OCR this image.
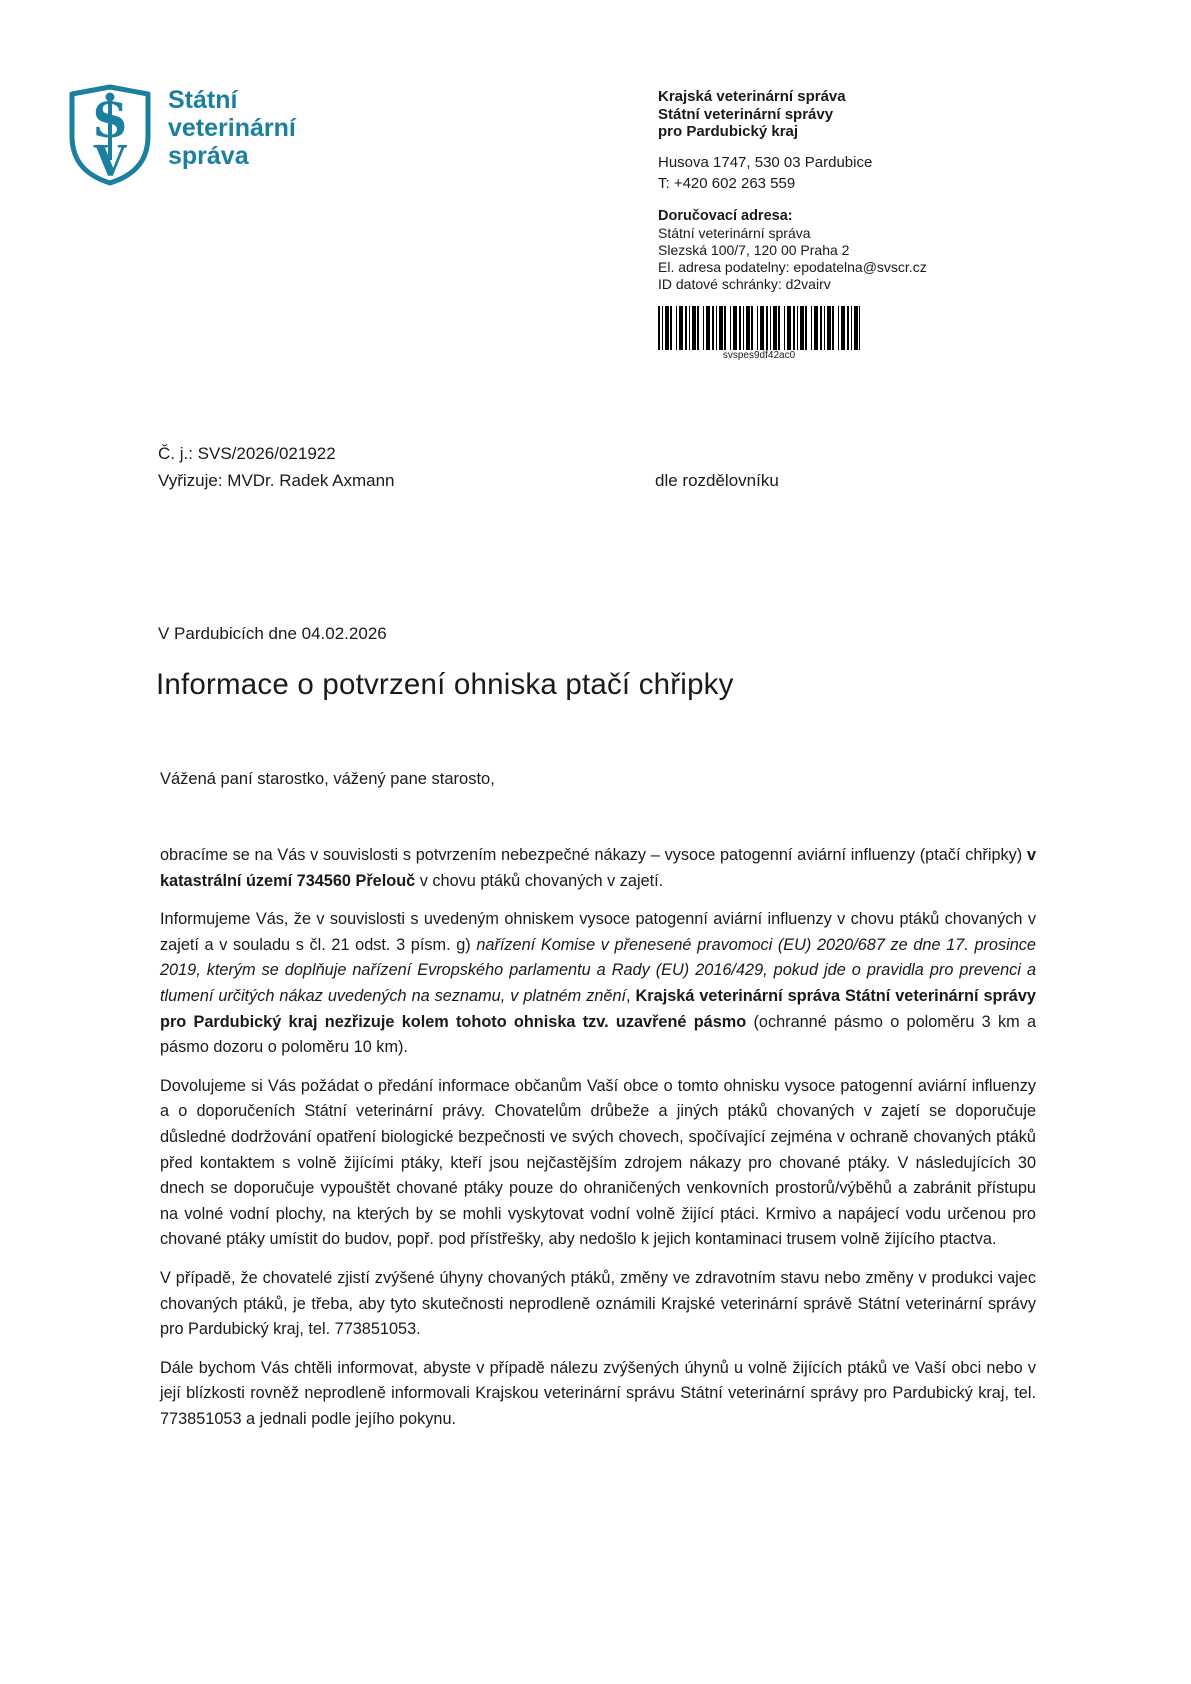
S
V
Státní
veterinární
správa
Krajská veterinární správa
Státní veterinární správy
pro Pardubický kraj
Husova 1747, 530 03 Pardubice
T: +420 602 263 559
Doručovací adresa:
Státní veterinární správa
Slezská 100/7, 120 00 Praha 2
El. adresa podatelny: epodatelna@svscr.cz
ID datové schránky: d2vairv
svspes9df42ac0
Č. j.: SVS/2026/021922
Vyřizuje: MVDr. Radek Axmann	dle rozdělovníku
V Pardubicích dne 04.02.2026
Informace o potvrzení ohniska ptačí chřipky
Vážená paní starostko, vážený pane starosto,

obracíme se na Vás v souvislosti s potvrzením nebezpečné nákazy – vysoce patogenní aviární influenzy (ptačí chřipky) v katastrální území 734560 Přelouč v chovu ptáků chovaných v zajetí.

Informujeme Vás, že v souvislosti s uvedeným ohniskem vysoce patogenní aviární influenzy v chovu ptáků chovaných v zajetí a v souladu s čl. 21 odst. 3 písm. g) nařízení Komise v přenesené pravomoci (EU) 2020/687 ze dne 17. prosince 2019, kterým se doplňuje nařízení Evropského parlamentu a Rady (EU) 2016/429, pokud jde o pravidla pro prevenci a tlumení určitých nákaz uvedených na seznamu, v platném znění, Krajská veterinární správa Státní veterinární správy pro Pardubický kraj nezřizuje kolem tohoto ohniska tzv. uzavřené pásmo (ochranné pásmo o poloměru 3 km a pásmo dozoru o poloměru 10 km).

Dovolujeme si Vás požádat o předání informace občanům Vaší obce o tomto ohnisku vysoce patogenní aviární influenzy a o doporučeních Státní veterinární právy. Chovatelům drůbeže a jiných ptáků chovaných v zajetí se doporučuje důsledné dodržování opatření biologické bezpečnosti ve svých chovech, spočívající zejména v ochraně chovaných ptáků před kontaktem s volně žijícími ptáky, kteří jsou nejčastějším zdrojem nákazy pro chované ptáky. V následujících 30 dnech se doporučuje vypouštět chované ptáky pouze do ohraničených venkovních prostorů/výběhů a zabránit přístupu na volné vodní plochy, na kterých by se mohli vyskytovat vodní volně žijící ptáci. Krmivo a napájecí vodu určenou pro chované ptáky umístit do budov, popř. pod přístřešky, aby nedošlo k jejich kontaminaci trusem volně žijícího ptactva.

V případě, že chovatelé zjistí zvýšené úhyny chovaných ptáků, změny ve zdravotním stavu nebo změny v produkci vajec chovaných ptáků, je třeba, aby tyto skutečnosti neprodleně oznámili Krajské veterinární správě Státní veterinární správy pro Pardubický kraj, tel. 773851053.

Dále bychom Vás chtěli informovat, abyste v případě nálezu zvýšených úhynů u volně žijících ptáků ve Vaší obci nebo v její blízkosti rovněž neprodleně informovali Krajskou veterinární správu Státní veterinární správy pro Pardubický kraj, tel. 773851053 a jednali podle jejího pokynu.
